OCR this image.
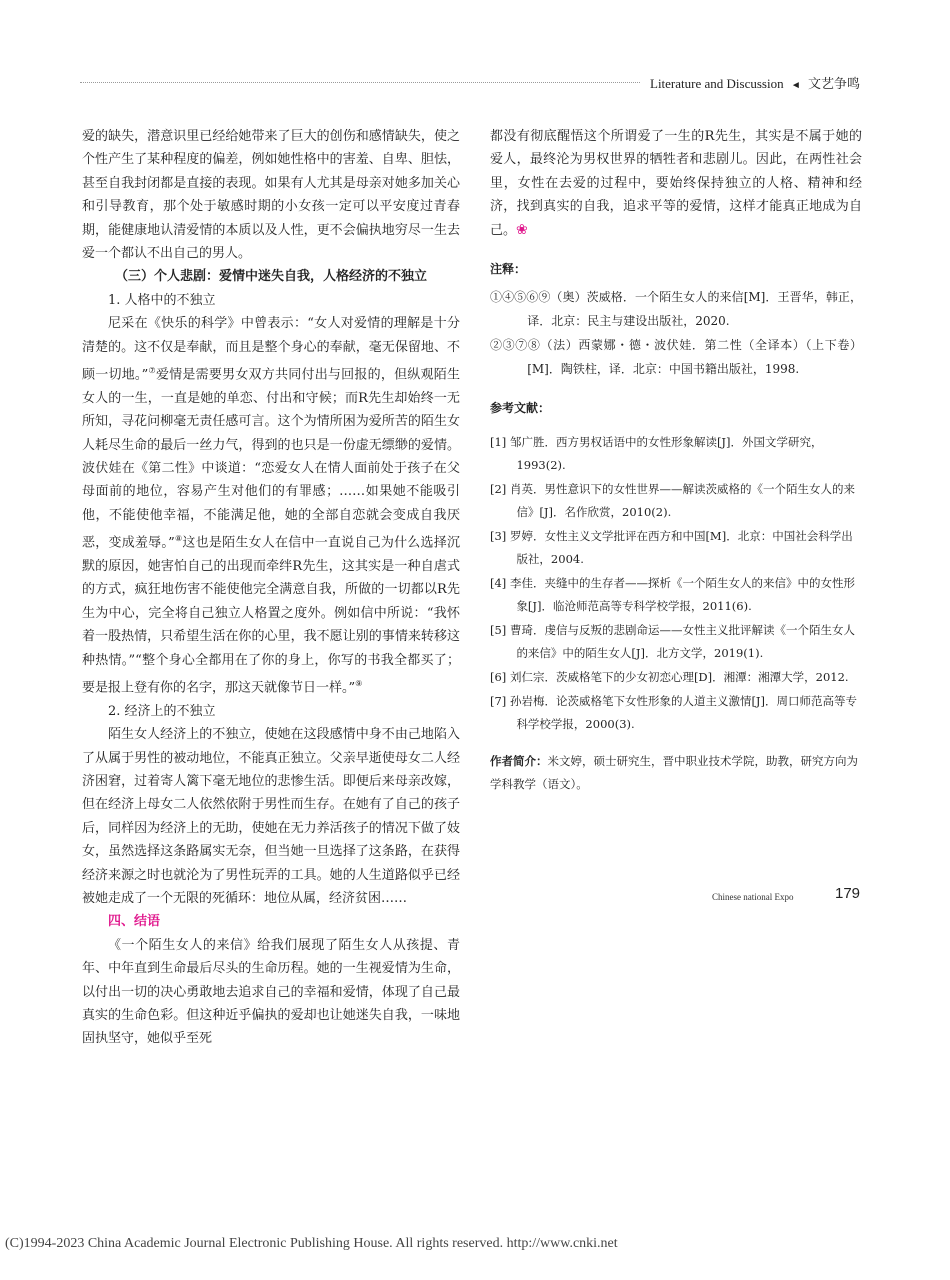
Literature and Discussion ◄ 文艺争鸣

爱的缺失，潜意识里已经给她带来了巨大的创伤和感情缺失，使之个性产生了某种程度的偏差，例如她性格中的害羞、自卑、胆怯，甚至自我封闭都是直接的表现。如果有人尤其是母亲对她多加关心和引导教育，那个处于敏感时期的小女孩一定可以平安度过青春期，能健康地认清爱情的本质以及人性，更不会偏执地穷尽一生去爱一个都认不出自己的男人。

（三）个人悲剧：爱情中迷失自我，人格经济的不独立

1. 人格中的不独立

尼采在《快乐的科学》中曾表示：“女人对爱情的理解是十分清楚的。这不仅是奉献，而且是整个身心的奉献，毫无保留地、不顾一切地。”⑦爱情是需要男女双方共同付出与回报的，但纵观陌生女人的一生，一直是她的单恋、付出和守候；而R先生却始终一无所知，寻花问柳毫无责任感可言。这个为情所困为爱所苦的陌生女人耗尽生命的最后一丝力气，得到的也只是一份虚无缥缈的爱情。波伏娃在《第二性》中谈道：“恋爱女人在情人面前处于孩子在父母面前的地位，容易产生对他们的有罪感；……如果她不能吸引他，不能使他幸福，不能满足他，她的全部自恋就会变成自我厌恶，变成羞辱。”⑧这也是陌生女人在信中一直说自己为什么选择沉默的原因，她害怕自己的出现而牵绊R先生，这其实是一种自虐式的方式，疯狂地伤害不能使他完全满意自我，所做的一切都以R先生为中心，完全将自己独立人格置之度外。例如信中所说：“我怀着一股热情，只希望生活在你的心里，我不愿让别的事情来转移这种热情。”“整个身心全都用在了你的身上，你写的书我全都买了；要是报上登有你的名字，那这天就像节日一样。”⑨

2. 经济上的不独立

陌生女人经济上的不独立，使她在这段感情中身不由己地陷入了从属于男性的被动地位，不能真正独立。父亲早逝使母女二人经济困窘，过着寄人篱下毫无地位的悲惨生活。即便后来母亲改嫁，但在经济上母女二人依然依附于男性而生存。在她有了自己的孩子后，同样因为经济上的无助，使她在无力养活孩子的情况下做了妓女，虽然选择这条路属实无奈，但当她一旦选择了这条路，在获得经济来源之时也就沦为了男性玩弄的工具。她的人生道路似乎已经被她走成了一个无限的死循环：地位从属，经济贫困……

四、结语

《一个陌生女人的来信》给我们展现了陌生女人从孩提、青年、中年直到生命最后尽头的生命历程。她的一生视爱情为生命，以付出一切的决心勇敢地去追求自己的幸福和爱情，体现了自己最真实的生命色彩。但这种近乎偏执的爱却也让她迷失自我，一味地固执坚守，她似乎至死

都没有彻底醒悟这个所谓爱了一生的R先生，其实是不属于她的爱人，最终沦为男权世界的牺牲者和悲剧儿。因此，在两性社会里，女性在去爱的过程中，要始终保持独立的人格、精神和经济，找到真实的自我，追求平等的爱情，这样才能真正地成为自己。❀

注释：
①④⑤⑥⑨（奥）茨威格．一个陌生女人的来信[M]．王晋华，韩正，译．北京：民主与建设出版社，2020.
②③⑦⑧（法）西蒙娜・德・波伏娃．第二性（全译本）（上下卷）[M]．陶铁柱，译．北京：中国书籍出版社，1998.
参考文献：
[1] 邹广胜．西方男权话语中的女性形象解读[J]．外国文学研究，1993(2).
[2] 肖英．男性意识下的女性世界——解读茨威格的《一个陌生女人的来信》[J]．名作欣赏，2010(2).
[3] 罗婷．女性主义文学批评在西方和中国[M]．北京：中国社会科学出版社，2004.
[4] 李佳．夹缝中的生存者——探析《一个陌生女人的来信》中的女性形象[J]．临沧师范高等专科学校学报，2011(6).
[5] 曹琦．虔信与反叛的悲剧命运——女性主义批评解读《一个陌生女人的来信》中的陌生女人[J]．北方文学，2019(1).
[6] 刘仁宗．茨威格笔下的少女初恋心理[D]．湘潭：湘潭大学，2012.
[7] 孙岩梅．论茨威格笔下女性形象的人道主义激情[J]．周口师范高等专科学校学报，2000(3).
作者简介：米文婷，硕士研究生，晋中职业技术学院，助教，研究方向为学科教学（语文）。
Chinese national Expo	179
(C)1994-2023 China Academic Journal Electronic Publishing House. All rights reserved. http://www.cnki.net
